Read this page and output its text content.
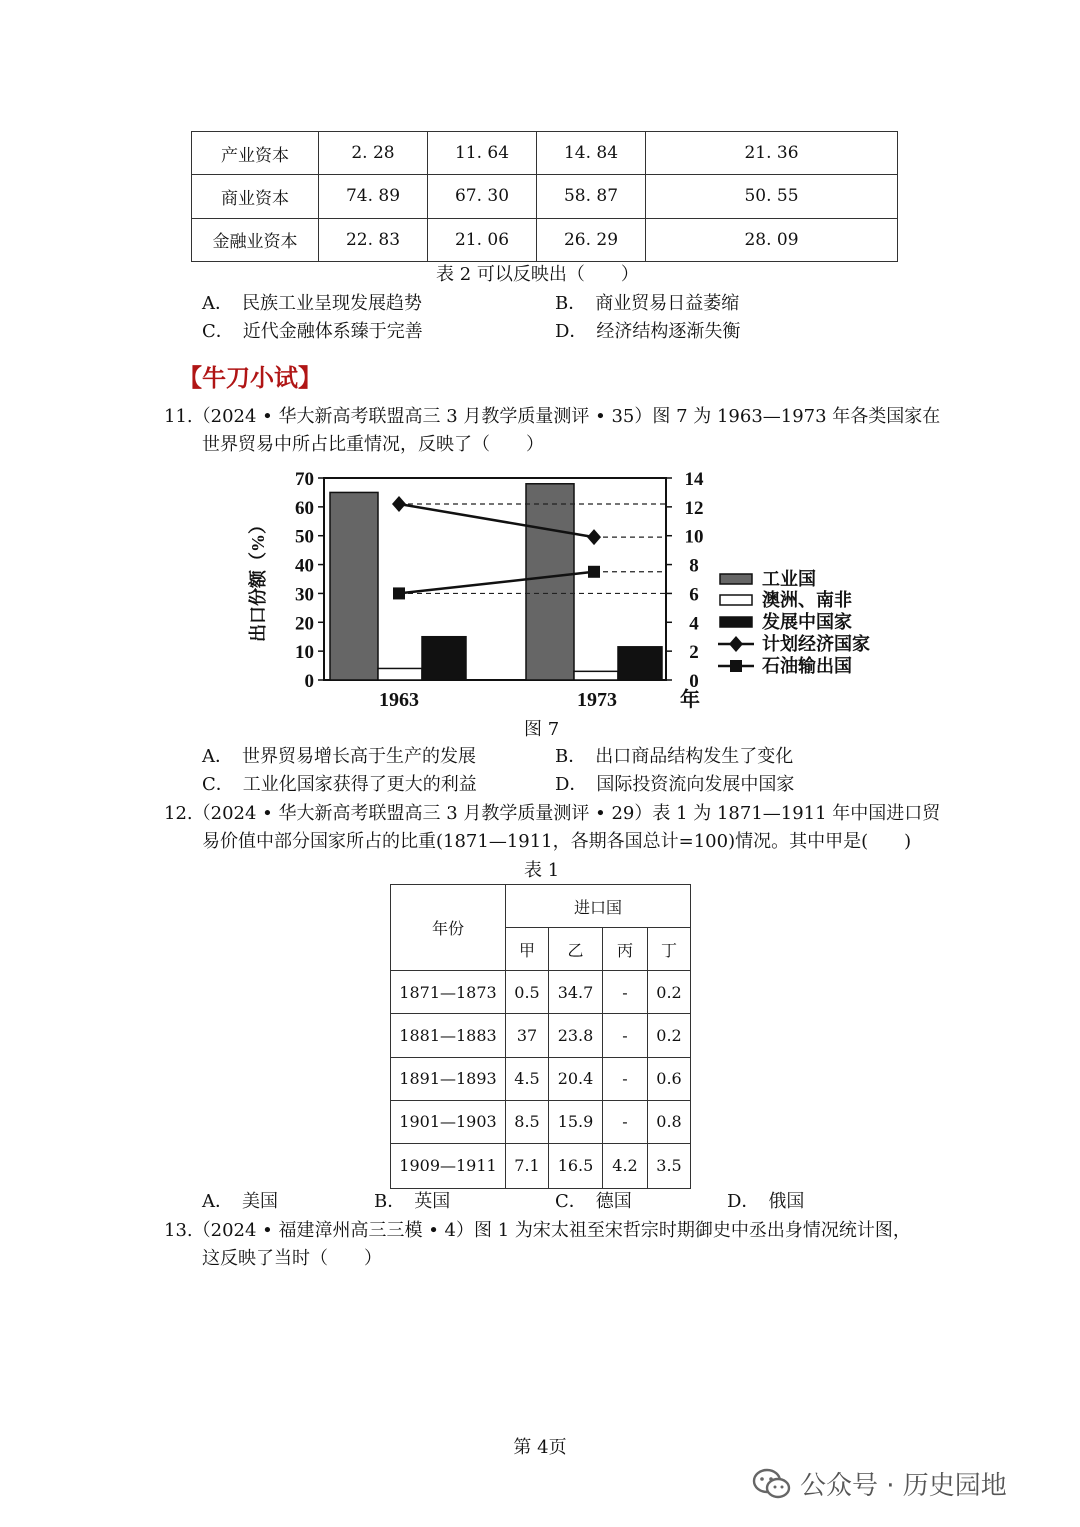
产业资本	2. 28	11. 64	14. 84	21. 36
商业资本	74. 89	67. 30	58. 87	50. 55
金融业资本	22. 83	21. 06	26. 29	28. 09
表 2 可以反映出（　　）
A．　民族工业呈现发展趋势	B．　商业贸易日益萎缩
C．　近代金融体系臻于完善	D．　经济结构逐渐失衡
【牛刀小试】
11.（2024 • 华大新高考联盟高三 3 月教学质量测评 • 35）图 7 为 1963—1973 年各类国家在
世界贸易中所占比重情况，反映了（　　）
出口份额（%）
0
10
20
30
40
50
60
70
0
2
4
6
8
10
12
14
1963	1973	年
工业国
澳洲、南非
发展中国家
计划经济国家
石油输出国
图 7
A．　世界贸易增长高于生产的发展	B．　出口商品结构发生了变化
C．　工业化国家获得了更大的利益	D．　国际投资流向发展中国家
12.（2024 • 华大新高考联盟高三 3 月教学质量测评 • 29）表 1 为 1871—1911 年中国进口贸
易价值中部分国家所占的比重(1871—1911，各期各国总计=100)情况。其中甲是(　　)
表 1
年份	进口国			
	甲	乙	丙	丁
1871—1873	0.5	34.7	-	0.2
1881—1883	37	23.8	-	0.2
1891—1893	4.5	20.4	-	0.6
1901—1903	8.5	15.9	-	0.8
1909—1911	7.1	16.5	4.2	3.5
A．　美国	B．　英国	C．　德国	D．　俄国
13.（2024 • 福建漳州高三三模 • 4）图 1 为宋太祖至宋哲宗时期御史中丞出身情况统计图，
这反映了当时（　　）
第 4页
公众号 · 历史园地
